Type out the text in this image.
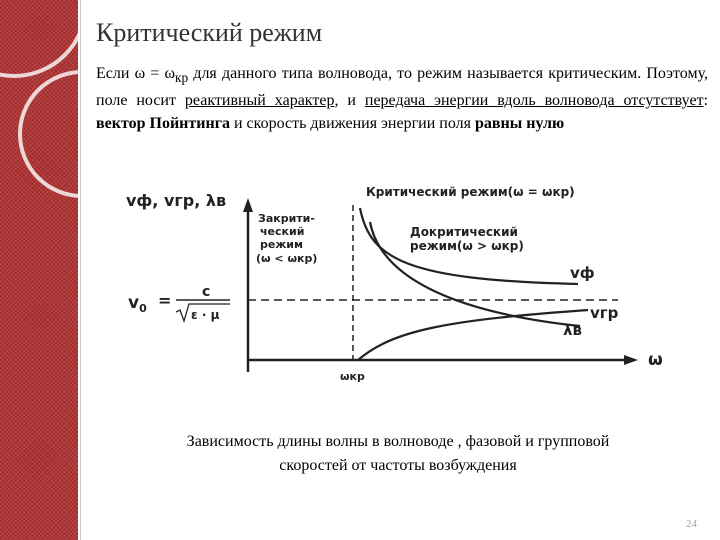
Критический режим
Если $\omega = \omega_{кр}$ для данного типа волновода, то режим называется критическим. Поэтому, поле носит реактивный характер, и передача энергии вдоль волновода отсутствует: вектор Пойнтинга и скорость движения энергии поля равны нулю
vф, vгр, λв
ω
$v_0 = c$
ε · μ
Критический режим(ω = ωкр)
Закрити-
ческий
режим
(ω < ωкр)
Докритический
режим(ω > ωкр)
ωкр
vф
vгр
λв
Зависимость длины волны в волноводе , фазовой и групповой
скоростей от частоты возбуждения
24
